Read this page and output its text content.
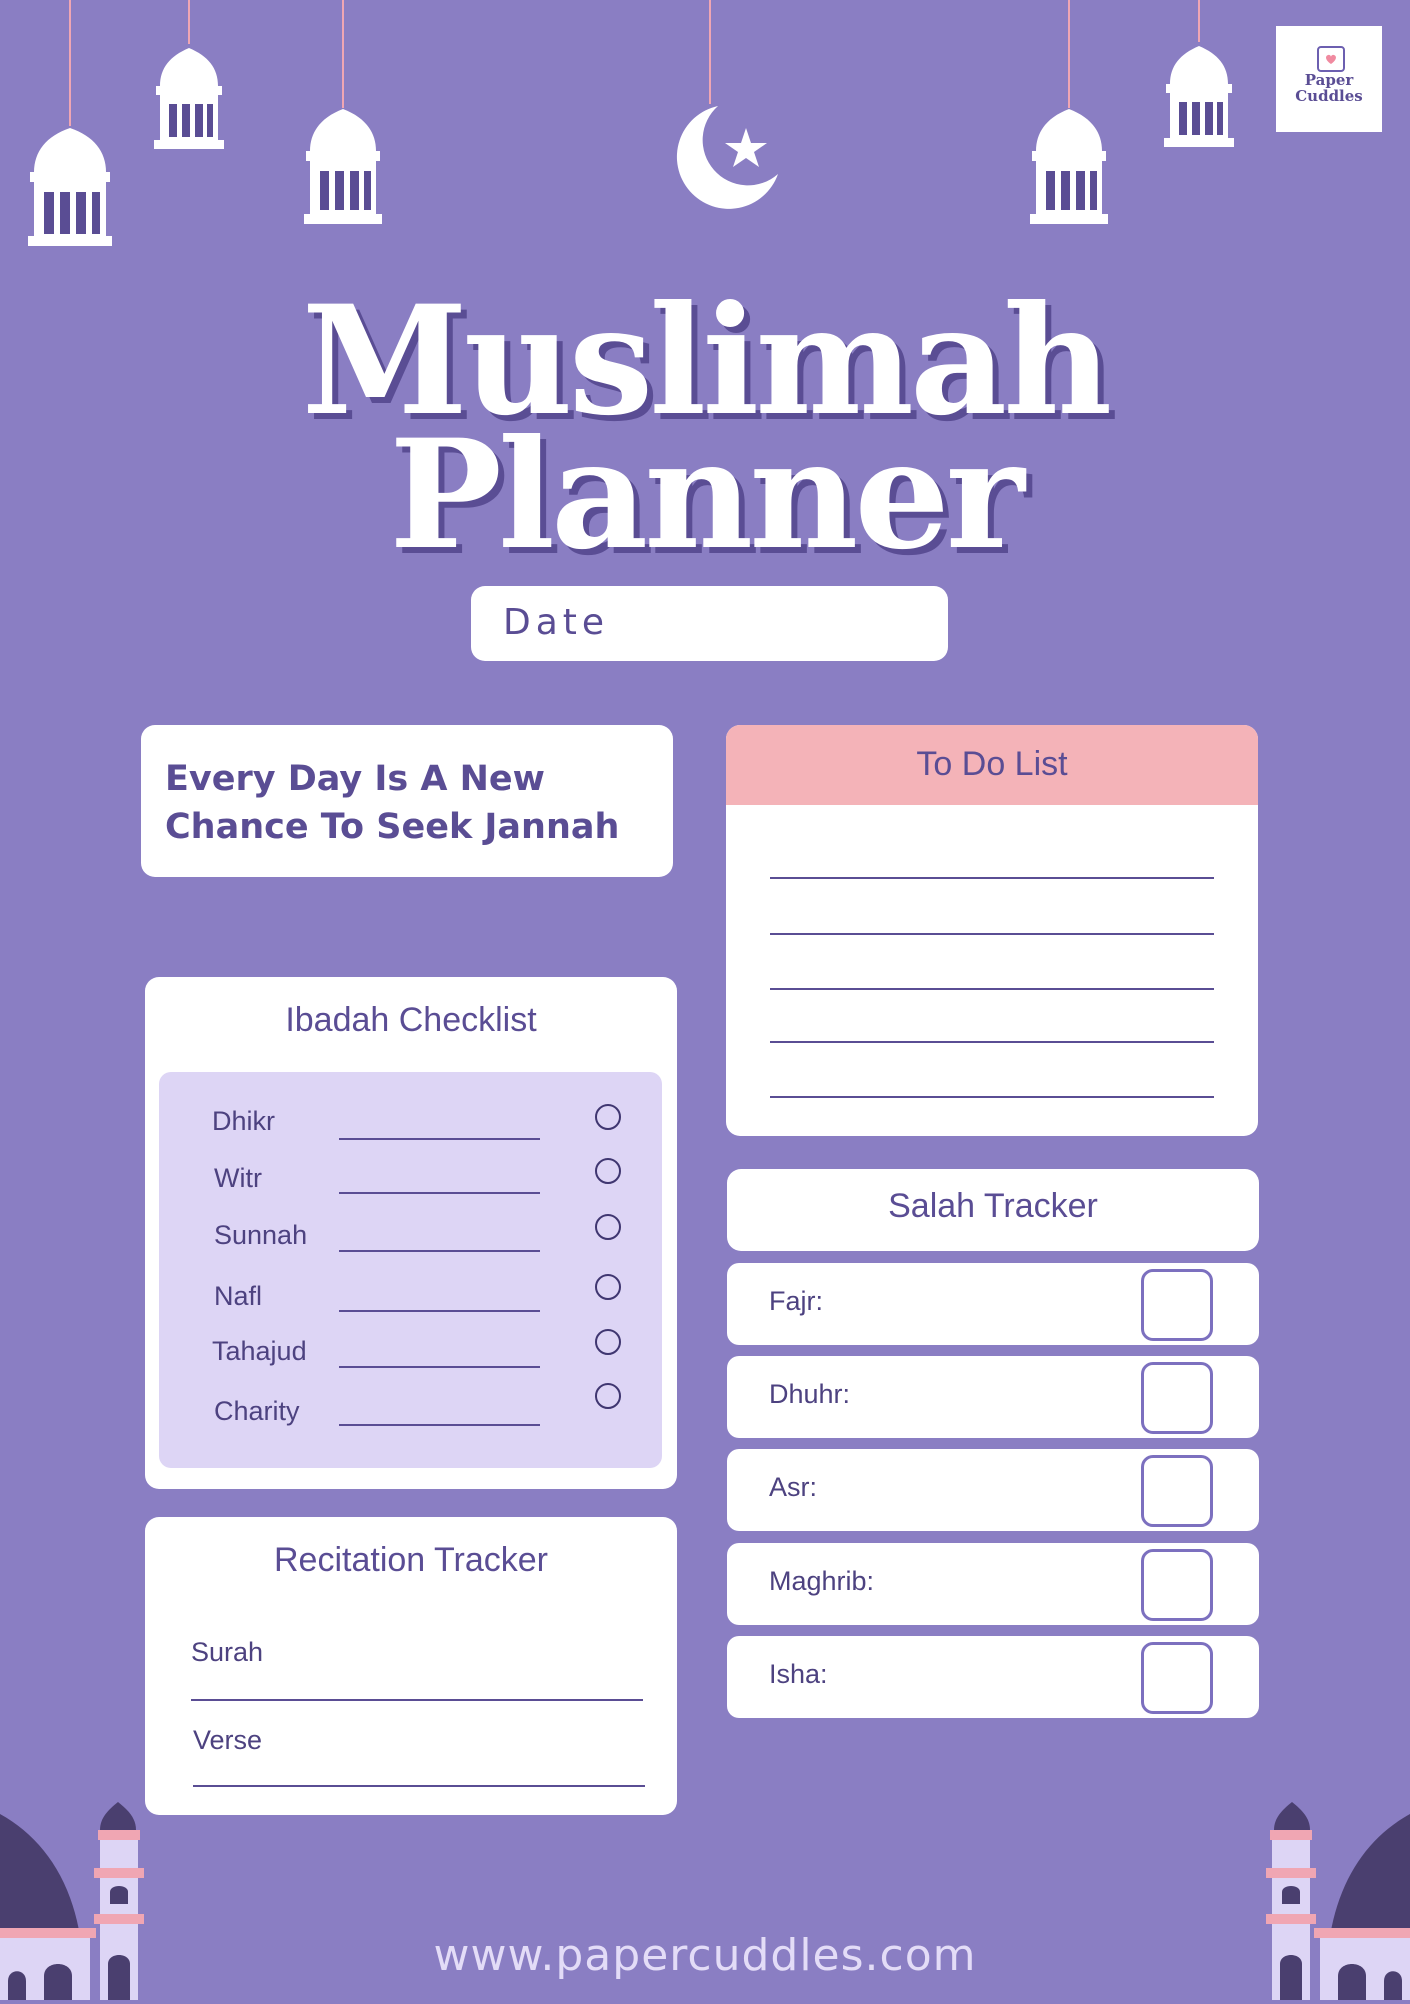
Paper
Cuddles
Muslimah
Planner
Date
Every Day Is A New
Chance To Seek Jannah
To Do List
Ibadah Checklist
Dhikr
Witr
Sunnah
Nafl
Tahajud
Charity
Recitation Tracker
Surah
Verse
Salah Tracker
Fajr:
Dhuhr:
Asr:
Maghrib:
Isha:
www.papercuddles.com
